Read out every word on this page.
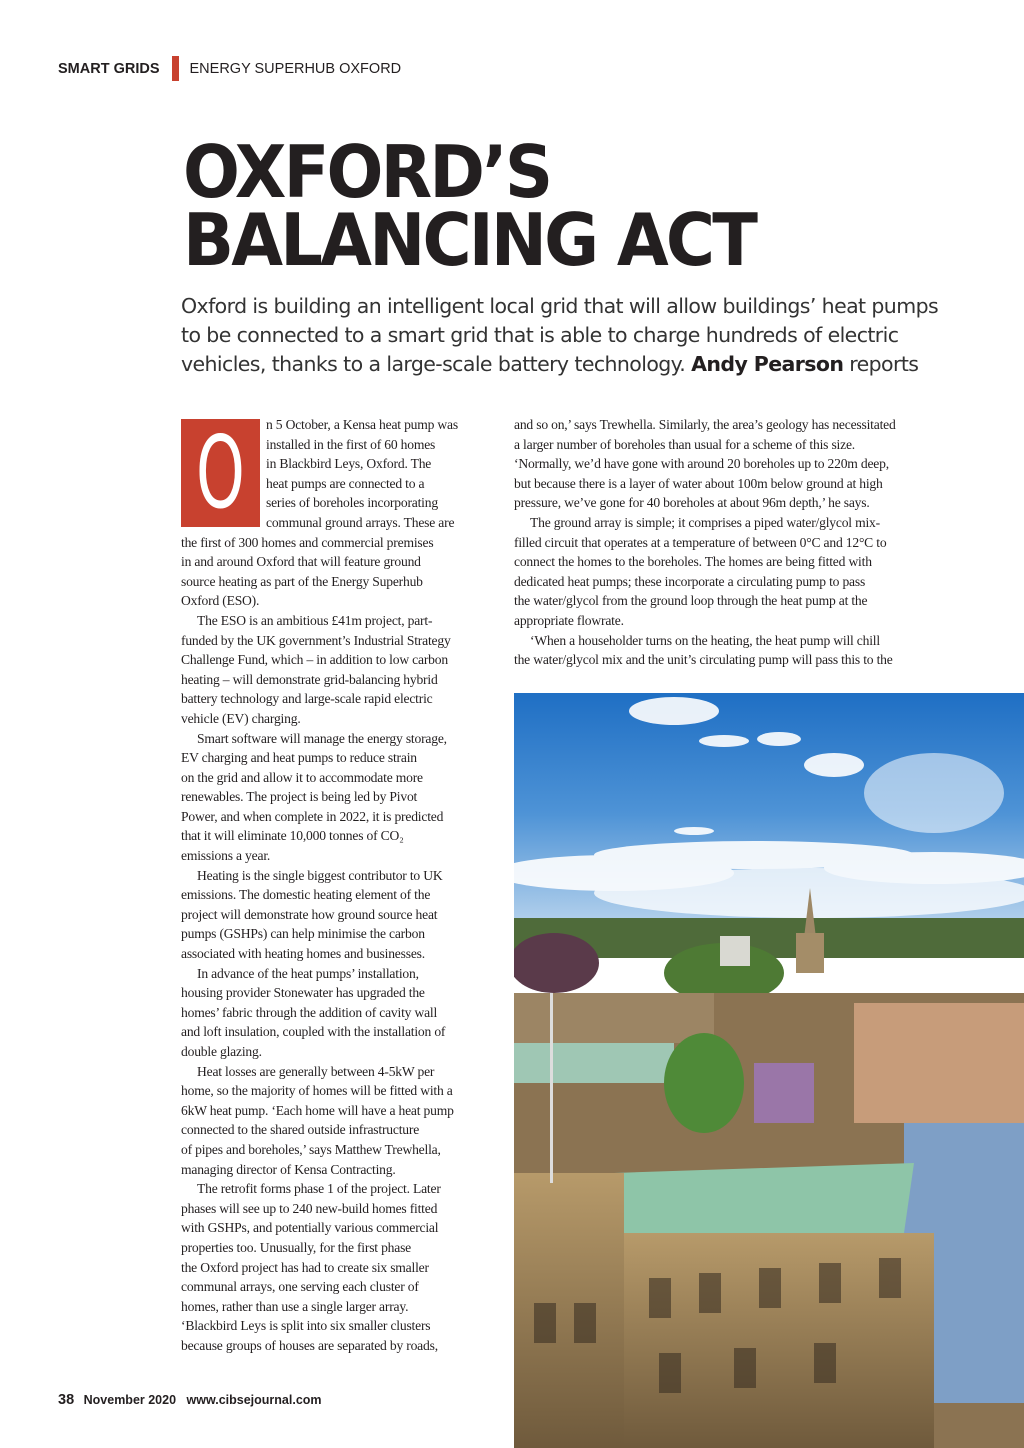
SMART GRIDS ENERGY SUPERHUB OXFORD
OXFORD’S
BALANCING ACT

Oxford is building an intelligent local grid that will allow buildings’ heat pumps
to be connected to a smart grid that is able to charge hundreds of electric
vehicles, thanks to a large-scale battery technology. Andy Pearson reports

O	n 5 October, a Kensa heat pump was
installed in the first of 60 homes
in Blackbird Leys, Oxford. The
heat pumps are connected to a
series of boreholes incorporating
communal ground arrays. These are
the first of 300 homes and commercial premises
in and around Oxford that will feature ground
source heating as part of the Energy Superhub
Oxford (ESO).
The ESO is an ambitious £41m project, part-
funded by the UK government’s Industrial Strategy
Challenge Fund, which – in addition to low carbon
heating – will demonstrate grid-balancing hybrid
battery technology and large-scale rapid electric
vehicle (EV) charging.
Smart software will manage the energy storage,
EV charging and heat pumps to reduce strain
on the grid and allow it to accommodate more
renewables. The project is being led by Pivot
Power, and when complete in 2022, it is predicted
that it will eliminate 10,000 tonnes of CO₂
emissions a year.
Heating is the single biggest contributor to UK
emissions. The domestic heating element of the
project will demonstrate how ground source heat
pumps (GSHPs) can help minimise the carbon
associated with heating homes and businesses.
In advance of the heat pumps’ installation,
housing provider Stonewater has upgraded the
homes’ fabric through the addition of cavity wall
and loft insulation, coupled with the installation of
double glazing.
Heat losses are generally between 4-5kW per
home, so the majority of homes will be fitted with a
6kW heat pump. ‘Each home will have a heat pump
connected to the shared outside infrastructure
of pipes and boreholes,’ says Matthew Trewhella,
managing director of Kensa Contracting.
The retrofit forms phase 1 of the project. Later
phases will see up to 240 new-build homes fitted
with GSHPs, and potentially various commercial
properties too. Unusually, for the first phase
the Oxford project has had to create six smaller
communal arrays, one serving each cluster of
homes, rather than use a single larger array.
‘Blackbird Leys is split into six smaller clusters
because groups of houses are separated by roads,
and so on,’ says Trewhella. Similarly, the area’s geology has necessitated
a larger number of boreholes than usual for a scheme of this size.
‘Normally, we’d have gone with around 20 boreholes up to 220m deep,
but because there is a layer of water about 100m below ground at high
pressure, we’ve gone for 40 boreholes at about 96m depth,’ he says.
The ground array is simple; it comprises a piped water/glycol mix-
filled circuit that operates at a temperature of between 0°C and 12°C to
connect the homes to the boreholes. The homes are being fitted with
dedicated heat pumps; these incorporate a circulating pump to pass
the water/glycol from the ground loop through the heat pump at the
appropriate flowrate.
‘When a householder turns on the heating, the heat pump will chill
the water/glycol mix and the unit’s circulating pump will pass this to the
38 November 2020 www.cibsejournal.com
